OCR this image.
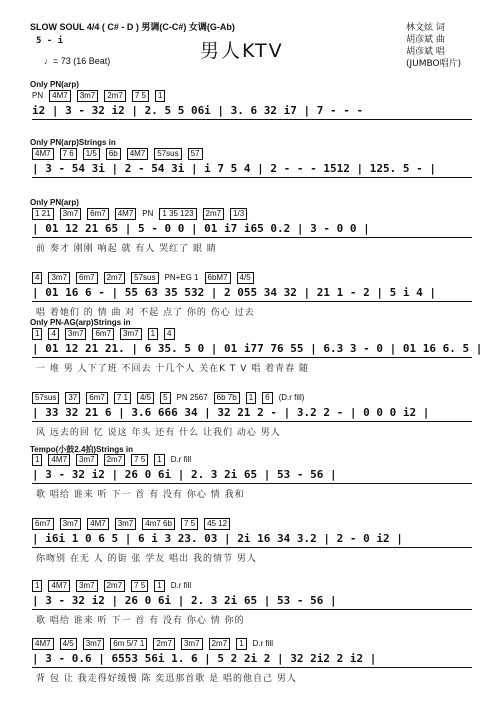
SLOW SOUL 4/4 ( C# - D ) 男调(C-C#) 女调(G-Ab)
5 - i
♩= 73 (16 Beat)	男人KTV
林文炫 词
胡彦斌 曲
胡彦斌 唱
(JUMBO唱片)
Only PN(arp)
PN 4M7 3m7 2m7 7 5 1
i2 | 3 - 32 i2 | 2. 5 5 06i | 3. 6 32 i7 | 7 - - -
Only PN(arp)Strings in
4M7 7 6 1/5 6b 4M7 57sus 57
| 3 - 54 3i | 2 - 54 3i | i 7 5 4 | 2 - - - 1512 | 125. 5 - |
Only PN(arp)
1 21 3m7 6m7 4M7 PN 1 35 123 2m7 1/3
| 01 12 21 65 | 5 - 0 0 | 01 i7 i65 0.2 | 3 - 0 0 |
前 奏才 刚刚 响起 就 有人 哭红了 眼 睛
4 3m7 6m7 2m7 57sus PN+EG 1 6bM7 4/5
| 01 16 6 - | 55 63 35 532 | 2 055 34 32 | 21 1 - 2 | 5 i 4 |
唱 着她们 的 情 曲 对 不起 点了 你的 伤心 过去
Only PN-AG(arp)Strings in
1 4 3m7 6m7 3m7 1 4
| 01 12 21 21. | 6 35. 5 0 | 01 i77 76 55 | 6.3 3 - 0 | 01 16 6. 5 |
一 堆 男 人下了班 不回去 十几个人 关在K T V 唱 着青春 随
57sus 37 6m7 7 1 4/5 5 PN 2567 6b 7b 1 6 (D.r fill)
| 33 32 21 6 | 3.6 666 34 | 32 21 2 - | 3.2 2 - | 0 0 0 i2 |
风 远去的回 忆 说这 年头 还有 什么 让我们 动心 男人
Tempo(小鼓2.4拍)Strings in
1 4M7 3m7 2m7 7 5 1 D.r fill
| 3 - 32 i2 | 26 0 6i | 2. 3 2i 65 | 53 - 56 |
歌 唱给 谁来 听 下一 首 有 没有 你心 情 我和
6m7 3m7 4M7 3m7 4m7 6b 7 5 45 12
| i6i 1 0 6 5 | 6 i 3 23. 03 | 2i 16 34 3.2 | 2 - 0 i2 |
你吻别 在无 人 的街 张 学友 唱出 我的情节 男人
1 4M7 3m7 2m7 7 5 1 D.r fill
| 3 - 32 i2 | 26 0 6i | 2. 3 2i 65 | 53 - 56 |
歌 唱给 谁来 听 下一 首 有 没有 你心 情 你的
4M7 4/5 3m7 6m 5/7 1 2m7 3m7 2m7 1 D.r fill
| 3 - 0.6 | 6553 56i 1. 6 | 5 2 2i 2 | 32 2i2 2 i2 |
背 包 让 我走得好缓慢 陈 奕迅那首歌 是 唱的他自己 男人
